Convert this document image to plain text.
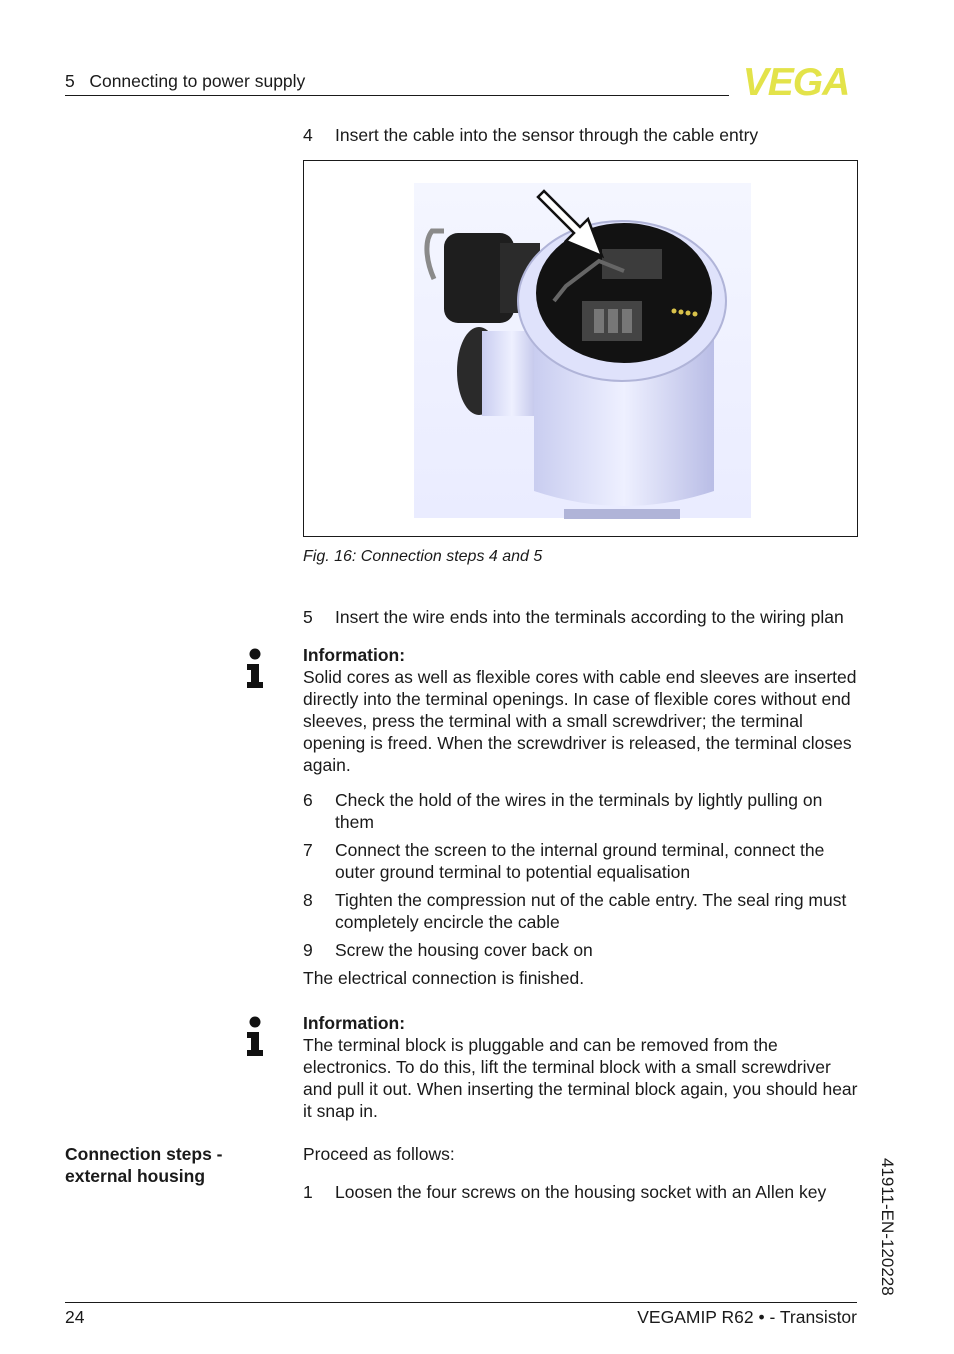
5 Connecting to power supply	VEGA
4	Insert the cable into the sensor through the cable entry
Fig. 16: Connection steps 4 and 5
5	Insert the wire ends into the terminals according to the wiring plan
Information:
Solid cores as well as flexible cores with cable end sleeves are inserted directly into the terminal openings. In case of flexible cores without end sleeves, press the terminal with a small screwdriver; the terminal opening is freed. When the screwdriver is released, the terminal closes again.
6	Check the hold of the wires in the terminals by lightly pulling on them
7	Connect the screen to the internal ground terminal, connect the outer ground terminal to potential equalisation
8	Tighten the compression nut of the cable entry. The seal ring must completely encircle the cable
9	Screw the housing cover back on
The electrical connection is finished.
Information:
The terminal block is pluggable and can be removed from the electronics. To do this, lift the terminal block with a small screwdriver and pull it out. When inserting the terminal block again, you should hear it snap in.
Connection steps - external housing
Proceed as follows:
1	Loosen the four screws on the housing socket with an Allen key	41911-EN-120228
24	VEGAMIP R62 • - Transistor
